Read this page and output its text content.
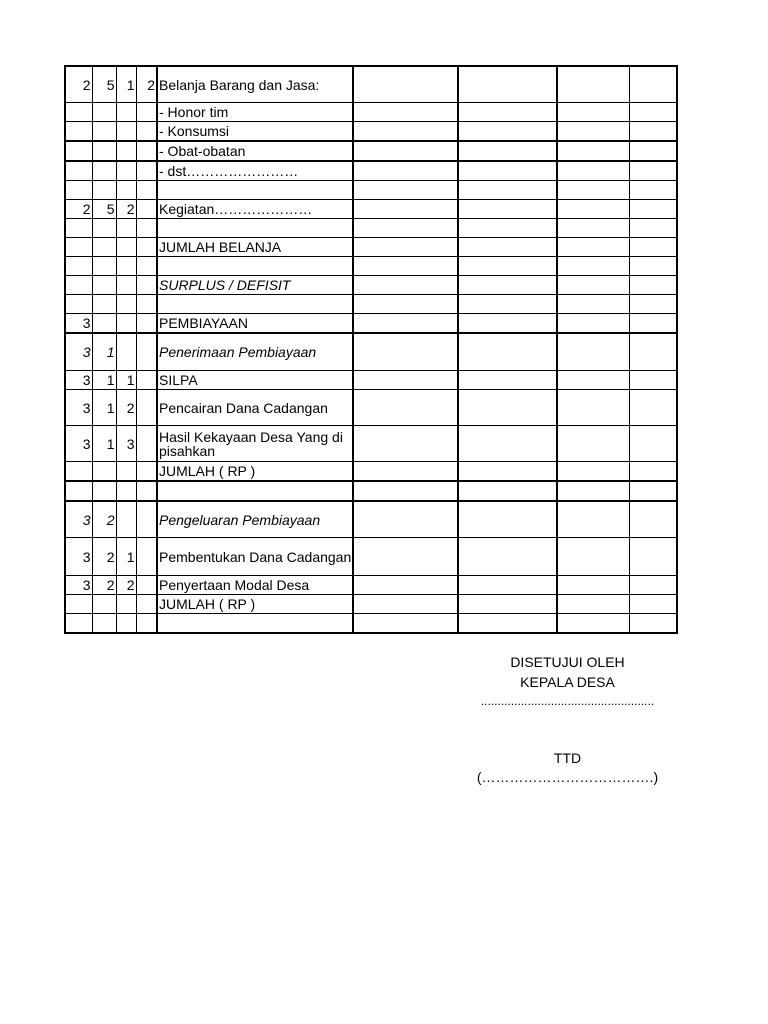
2	5	1	2	Belanja Barang dan Jasa:				
				- Honor tim				
				- Konsumsi				
				- Obat-obatan				
				- dst……………………				

2	5	2		Kegiatan…………………				

				JUMLAH BELANJA				

				SURPLUS / DEFISIT				

3				PEMBIAYAAN				
3	1			Penerimaan Pembiayaan				
3	1	1		SILPA				
3	1	2		Pencairan Dana Cadangan				
3	1	3		Hasil Kekayaan Desa Yang di pisahkan				
				JUMLAH ( RP )				

3	2			Pengeluaran Pembiayaan				
3	2	1		Pembentukan Dana Cadangan				
3	2	2		Penyertaan Modal Desa				
				JUMLAH ( RP )				

DISETUJUI OLEH
KEPALA DESA
....................................................
TTD
(……………………………….)
